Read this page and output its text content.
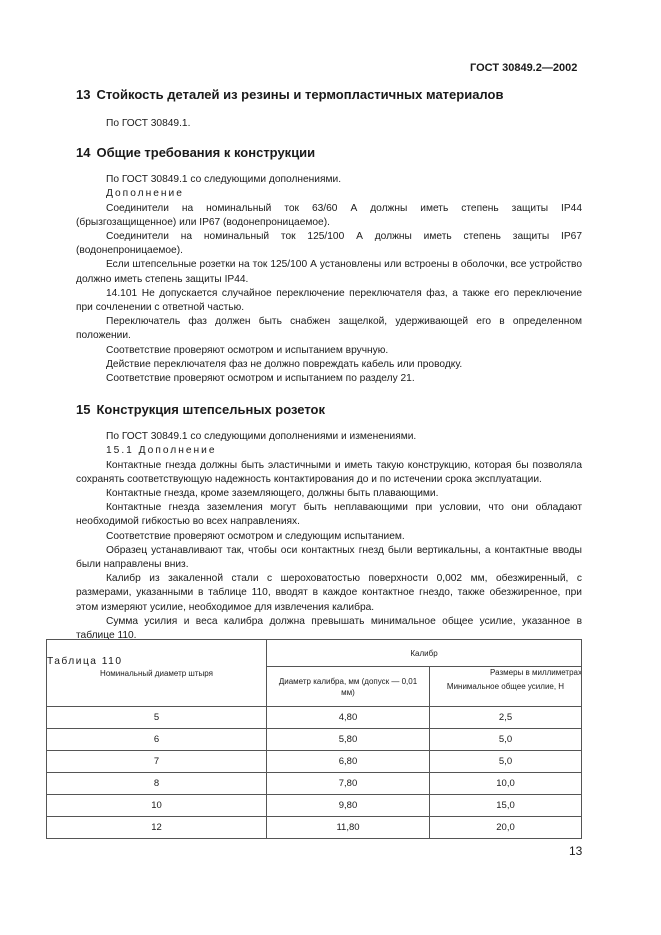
ГОСТ 30849.2—2002
13 Стойкость деталей из резины и термопластичных материалов

По ГОСТ 30849.1.

14 Общие требования к конструкции

По ГОСТ 30849.1 со следующими дополнениями.

Дополнение

Соединители на номинальный ток 63/60 А должны иметь степень защиты IP44 (брызгозащищенное) или IP67 (водонепроницаемое).

Соединители на номинальный ток 125/100 А должны иметь степень защиты IP67 (водонепроницаемое).

Если штепсельные розетки на ток 125/100 А установлены или встроены в оболочки, все устройство должно иметь степень защиты IP44.

14.101 Не допускается случайное переключение переключателя фаз, а также его переключение при сочленении с ответной частью.

Переключатель фаз должен быть снабжен защелкой, удерживающей его в определенном положении.

Соответствие проверяют осмотром и испытанием вручную.

Действие переключателя фаз не должно повреждать кабель или проводку.

Соответствие проверяют осмотром и испытанием по разделу 21.

15 Конструкция штепсельных розеток

По ГОСТ 30849.1 со следующими дополнениями и изменениями.

15.1 Дополнение

Контактные гнезда должны быть эластичными и иметь такую конструкцию, которая бы позволяла сохранять соответствующую надежность контактирования до и по истечении срока эксплуатации.

Контактные гнезда, кроме заземляющего, должны быть плавающими.

Контактные гнезда заземления могут быть неплавающими при условии, что они обладают необходимой гибкостью во всех направлениях.

Соответствие проверяют осмотром и следующим испытанием.

Образец устанавливают так, чтобы оси контактных гнезд были вертикальны, а контактные вводы были направлены вниз.

Калибр из закаленной стали с шероховатостью поверхности 0,002 мм, обезжиренный, с размерами, указанными в таблице 110, вводят в каждое контактное гнездо, также обезжиренное, при этом измеряют усилие, необходимое для извлечения калибра.

Сумма усилия и веса калибра должна превышать минимальное общее усилие, указанное в таблице 110.

Таблица 110
Размеры в миллиметрах
Номинальный диаметр штыря	Калибр	
	Диаметр калибра, мм (допуск — 0,01 мм)	Минимальное общее усилие, Н
5	4,80	2,5
6	5,80	5,0
7	6,80	5,0
8	7,80	10,0
10	9,80	15,0
12	11,80	20,0
13
